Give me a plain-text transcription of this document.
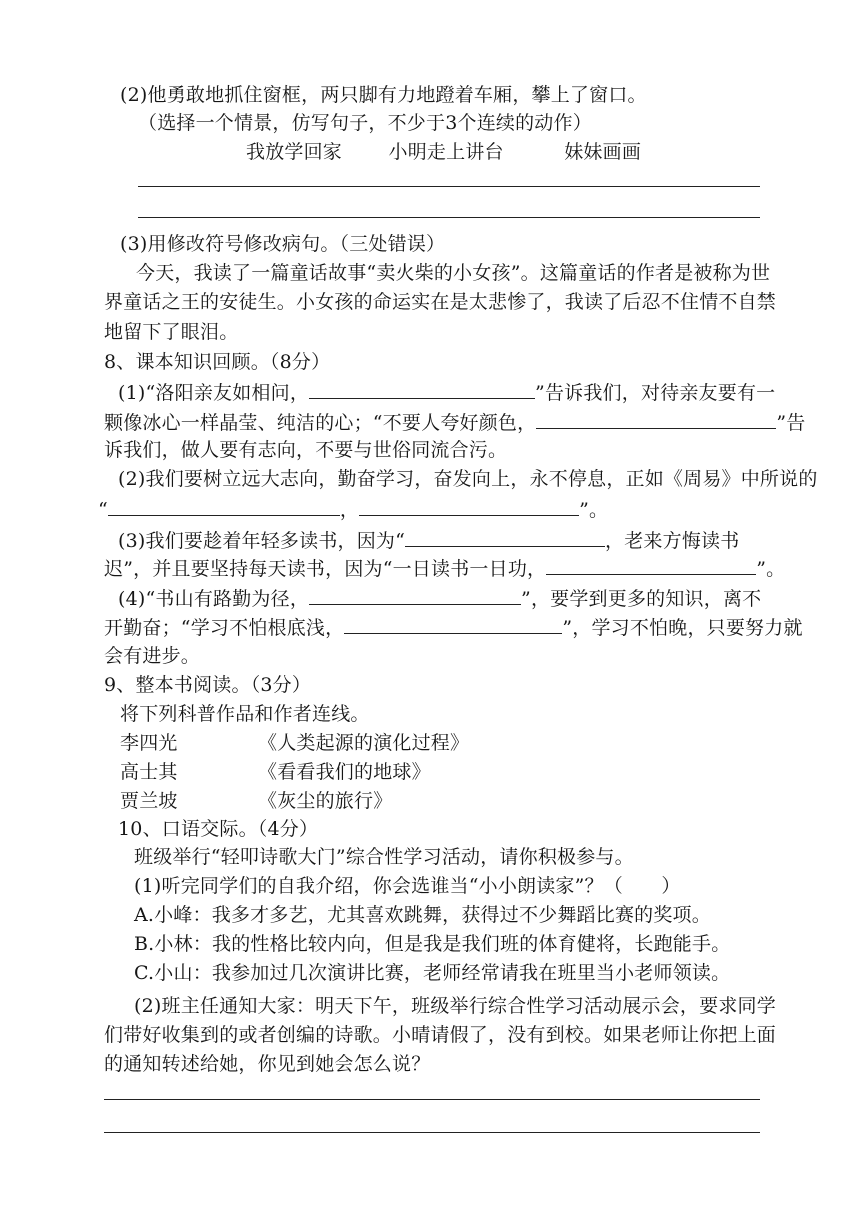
(2)他勇敢地抓住窗框，两只脚有力地蹬着车厢，攀上了窗口。
（选择一个情景，仿写句子，不少于3个连续的动作）
我放学回家 小明走上讲台	妹妹画画
(3)用修改符号修改病句。（三处错误）
今天，我读了一篇童话故事“卖火柴的小女孩”。这篇童话的作者是被称为世
界童话之王的安徒生。小女孩的命运实在是太悲惨了，我读了后忍不住情不自禁
地留下了眼泪。
8、课本知识回顾。（8分）
(1)“洛阳亲友如相问，	”告诉我们，对待亲友要有一
颗像冰心一样晶莹、纯洁的心；“不要人夸好颜色，	”告
诉我们，做人要有志向，不要与世俗同流合污。
(2)我们要树立远大志向，勤奋学习，奋发向上，永不停息，正如《周易》中所说的
“	，	”。
(3)我们要趁着年轻多读书，因为“	，老来方悔读书
迟”，并且要坚持每天读书，因为“一日读书一日功，	”。
(4)“书山有路勤为径，	”，要学到更多的知识，离不
开勤奋；“学习不怕根底浅，	”，学习不怕晚，只要努力就
会有进步。
9、整本书阅读。（3分）
将下列科普作品和作者连线。
李四光	《人类起源的演化过程》
高士其	《看看我们的地球》
贾兰坡	《灰尘的旅行》
10、口语交际。（4分）
班级举行“轻叩诗歌大门”综合性学习活动，请你积极参与。
(1)听完同学们的自我介绍，你会选谁当“小小朗读家”？（　　）
A.小峰：我多才多艺，尤其喜欢跳舞，获得过不少舞蹈比赛的奖项。
B.小林：我的性格比较内向，但是我是我们班的体育健将，长跑能手。
C.小山：我参加过几次演讲比赛，老师经常请我在班里当小老师领读。
(2)班主任通知大家：明天下午，班级举行综合性学习活动展示会，要求同学
们带好收集到的或者创编的诗歌。小晴请假了，没有到校。如果老师让你把上面
的通知转述给她，你见到她会怎么说？
